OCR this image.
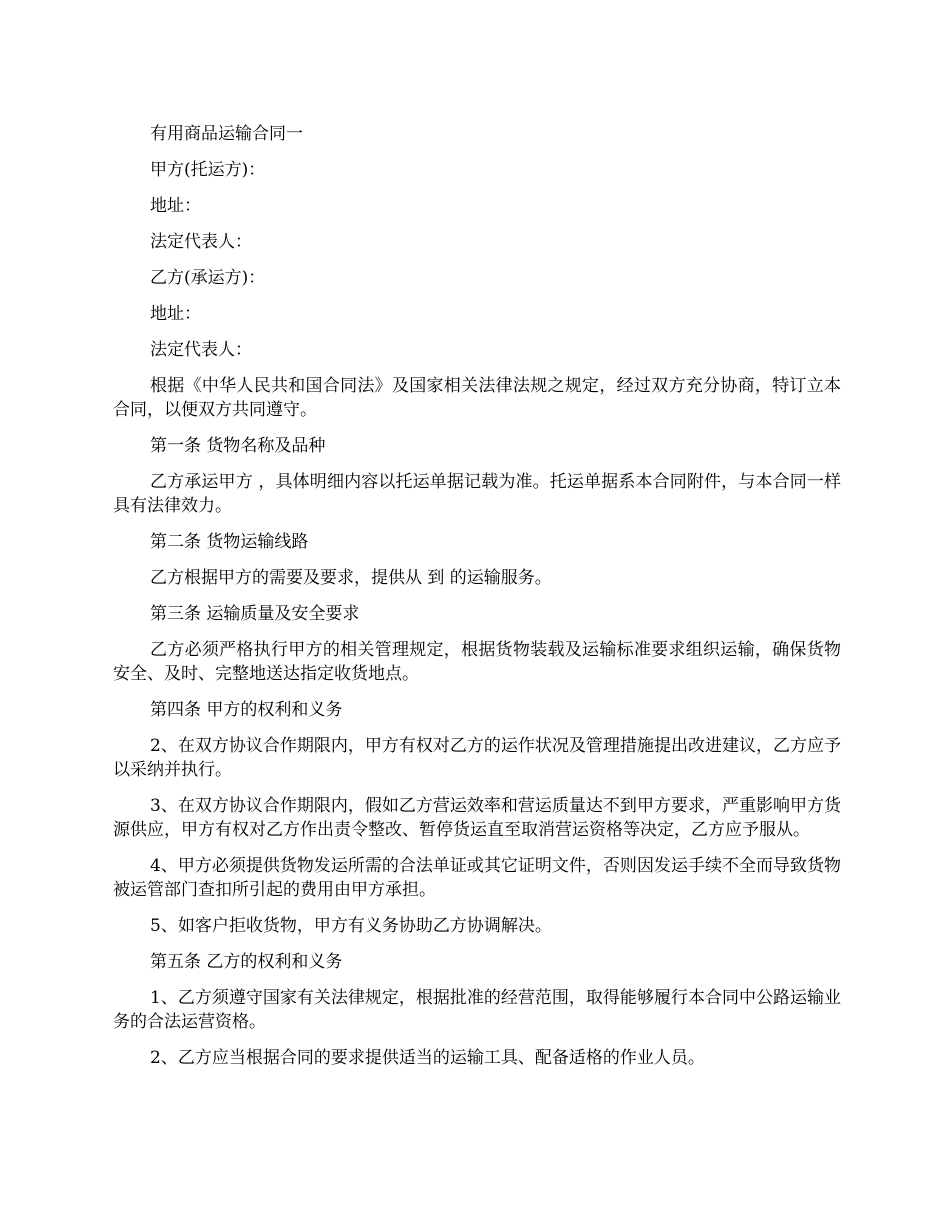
有用商品运输合同一

甲方(托运方)：

地址：

法定代表人：

乙方(承运方)：

地址：

法定代表人：

根据《中华人民共和国合同法》及国家相关法律法规之规定，经过双方充分协商，特订立本合同，以便双方共同遵守。

第一条 货物名称及品种

乙方承运甲方 ，具体明细内容以托运单据记载为准。托运单据系本合同附件，与本合同一样具有法律效力。

第二条 货物运输线路

乙方根据甲方的需要及要求，提供从 到 的运输服务。

第三条 运输质量及安全要求

乙方必须严格执行甲方的相关管理规定，根据货物装载及运输标准要求组织运输，确保货物安全、及时、完整地送达指定收货地点。

第四条 甲方的权利和义务

2、在双方协议合作期限内，甲方有权对乙方的运作状况及管理措施提出改进建议，乙方应予以采纳并执行。

3、在双方协议合作期限内，假如乙方营运效率和营运质量达不到甲方要求，严重影响甲方货源供应，甲方有权对乙方作出责令整改、暂停货运直至取消营运资格等决定，乙方应予服从。

4、甲方必须提供货物发运所需的合法单证或其它证明文件，否则因发运手续不全而导致货物被运管部门查扣所引起的费用由甲方承担。

5、如客户拒收货物，甲方有义务协助乙方协调解决。

第五条 乙方的权利和义务

1、乙方须遵守国家有关法律规定，根据批准的经营范围，取得能够履行本合同中公路运输业务的合法运营资格。

2、乙方应当根据合同的要求提供适当的运输工具、配备适格的作业人员。
